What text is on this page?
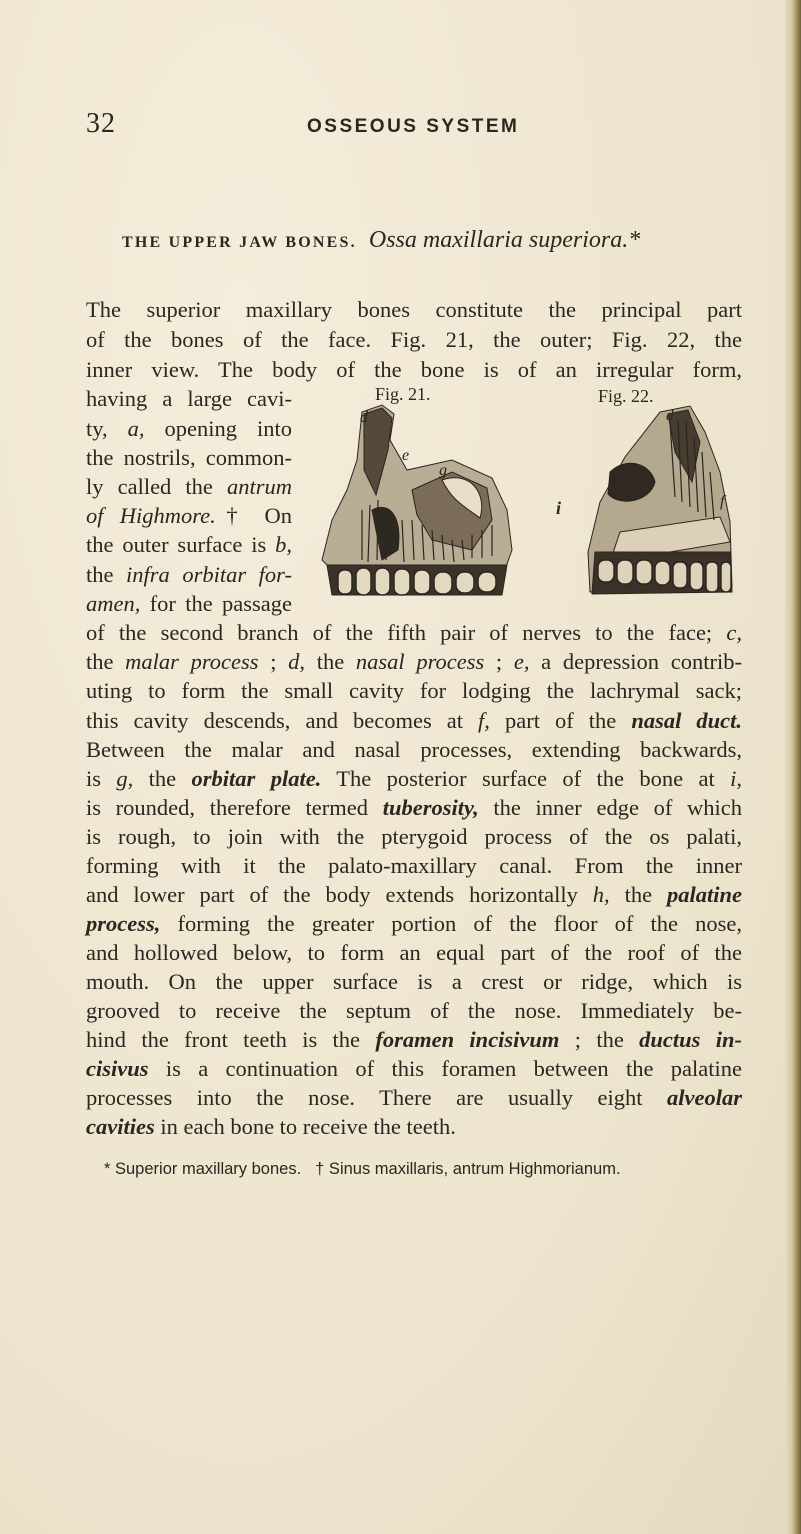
32	OSSEOUS SYSTEM
THE UPPER JAW BONES. Ossa maxillaria superiora.*
The superior maxillary bones constitute the principal part
of the bones of the face. Fig. 21, the outer; Fig. 22, the
inner view. The body of the bone is of an irregular form,
having a large cavi-
ty, a, opening into
the nostrils, common-
ly called the antrum
of Highmore.† On
the outer surface is b,
the infra orbitar for-
amen, for the passage
Fig. 21.	Fig. 22.
d
e
g
i
d
f
of the second branch of the fifth pair of nerves to the face; c,
the malar process ; d, the nasal process ; e, a depression contrib-
uting to form the small cavity for lodging the lachrymal sack;
this cavity descends, and becomes at f, part of the nasal duct.
Between the malar and nasal processes, extending backwards,
is g, the orbitar plate. The posterior surface of the bone at i,
is rounded, therefore termed tuberosity, the inner edge of which
is rough, to join with the pterygoid process of the os palati,
forming with it the palato-maxillary canal. From the inner
and lower part of the body extends horizontally h, the palatine
process, forming the greater portion of the floor of the nose,
and hollowed below, to form an equal part of the roof of the
mouth. On the upper surface is a crest or ridge, which is
grooved to receive the septum of the nose. Immediately be-
hind the front teeth is the foramen incisivum ; the ductus in-
cisivus is a continuation of this foramen between the palatine
processes into the nose. There are usually eight alveolar
cavities in each bone to receive the teeth.
* Superior maxillary bones. † Sinus maxillaris, antrum Highmorianum.
